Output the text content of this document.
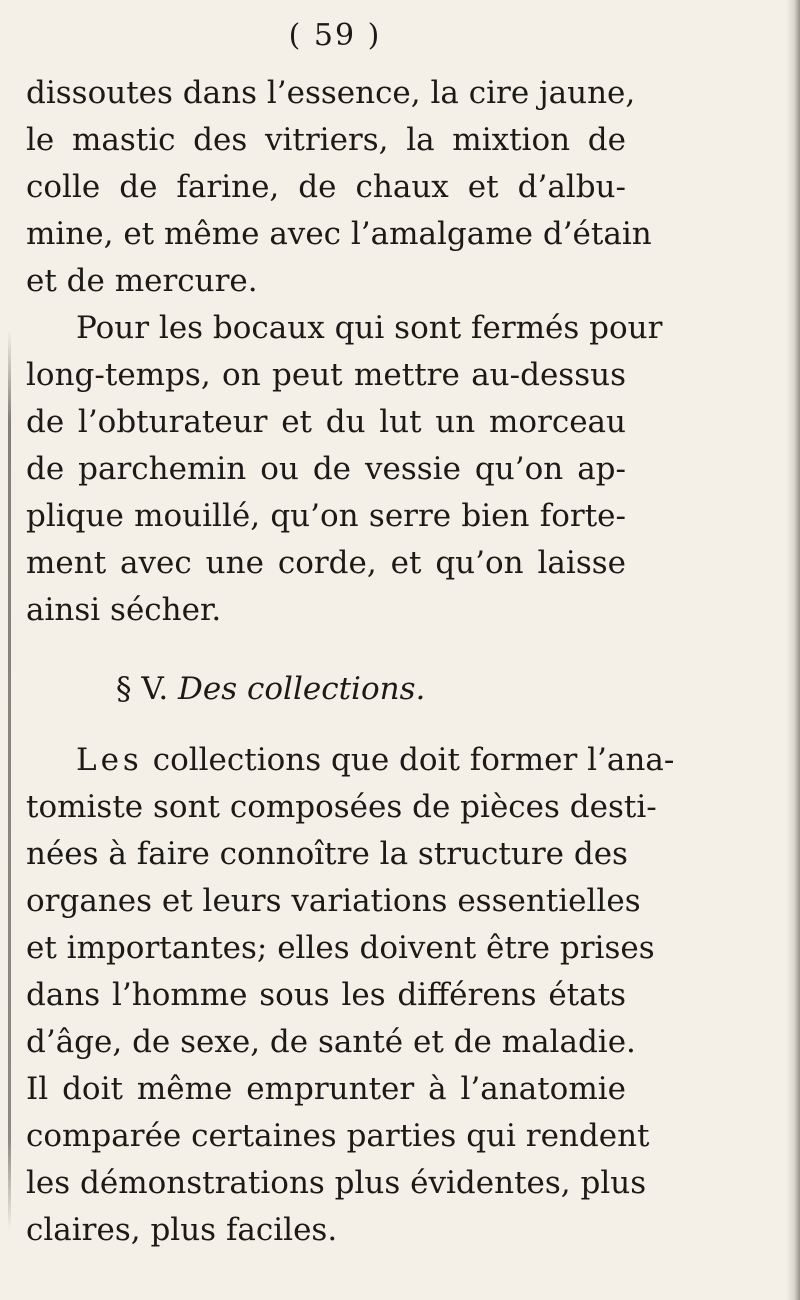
( 59 )
dissoutes dans l’essence, la cire jaune,
le mastic des vitriers, la mixtion de
colle de farine, de chaux et d’albu-
mine, et même avec l’amalgame d’étain
et de mercure.
Pour les bocaux qui sont fermés pour
long-temps, on peut mettre au-dessus
de l’obturateur et du lut un morceau
de parchemin ou de vessie qu’on ap-
plique mouillé, qu’on serre bien forte-
ment avec une corde, et qu’on laisse
ainsi sécher.
§ V. Des collections.
Les collections que doit former l’ana-
tomiste sont composées de pièces desti-
nées à faire connoître la structure des
organes et leurs variations essentielles
et importantes; elles doivent être prises
dans l’homme sous les différens états
d’âge, de sexe, de santé et de maladie.
Il doit même emprunter à l’anatomie
comparée certaines parties qui rendent
les démonstrations plus évidentes, plus
claires, plus faciles.
